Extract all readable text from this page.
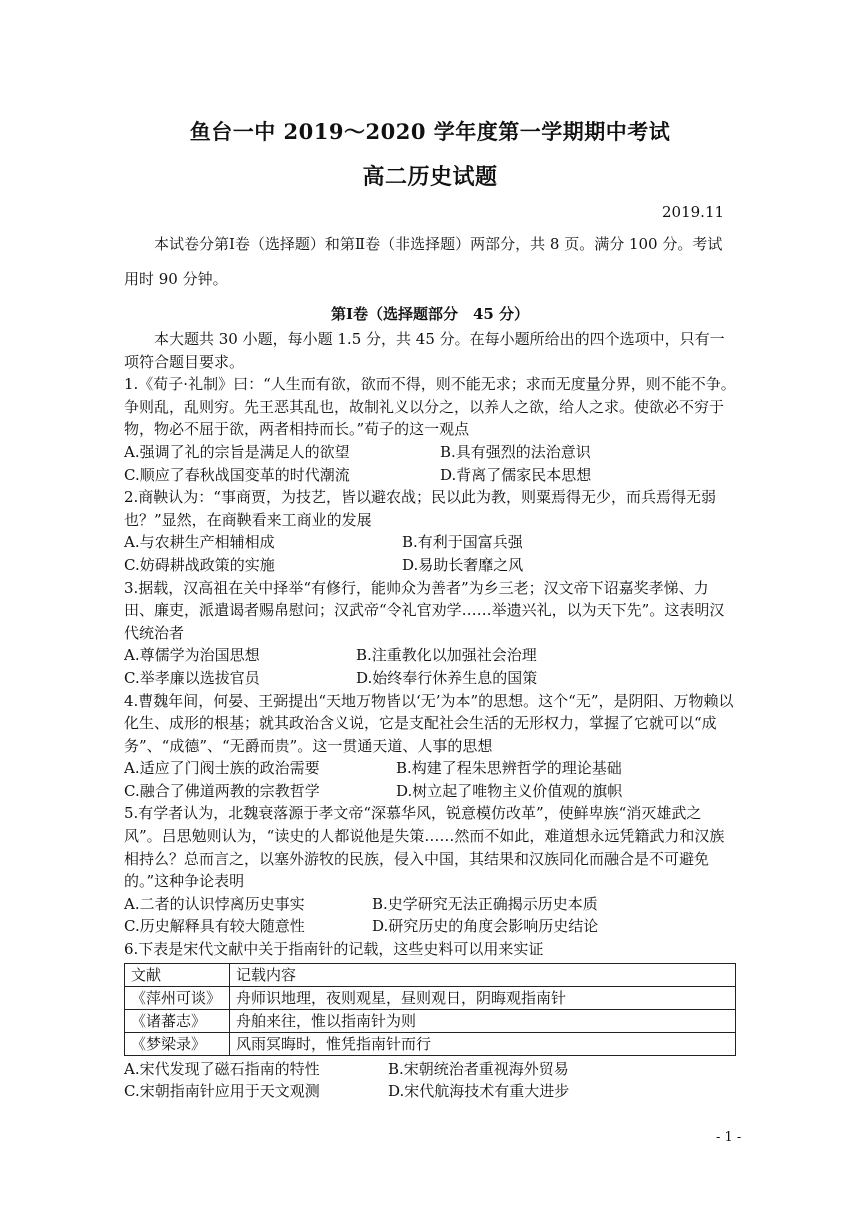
鱼台一中 2019～2020 学年度第一学期期中考试
高二历史试题
2019.11
本试卷分第Ⅰ卷（选择题）和第Ⅱ卷（非选择题）两部分，共 8 页。满分 100 分。考试
用时 90 分钟。
第Ⅰ卷（选择题部分　45 分）

本大题共 30 小题，每小题 1.5 分，共 45 分。在每小题所给出的四个选项中，只有一项符合题目要求。

1.《荀子·礼制》曰：“人生而有欲，欲而不得，则不能无求；求而无度量分界，则不能不争。争则乱，乱则穷。先王恶其乱也，故制礼义以分之，以养人之欲，给人之求。使欲必不穷于物，物必不屈于欲，两者相持而长。”荀子的这一观点

A.强调了礼的宗旨是满足人的欲望	B.具有强烈的法治意识
C.顺应了春秋战国变革的时代潮流	D.背离了儒家民本思想

2.商鞅认为：“事商贾，为技艺，皆以避农战；民以此为教，则粟焉得无少，而兵焉得无弱也？”显然，在商鞅看来工商业的发展

A.与农耕生产相辅相成	B.有利于国富兵强
C.妨碍耕战政策的实施	D.易助长奢靡之风

3.据载，汉高祖在关中择举“有修行，能帅众为善者”为乡三老；汉文帝下诏嘉奖孝悌、力田、廉吏，派遣谒者赐帛慰问；汉武帝“令礼官劝学……举遗兴礼，以为天下先”。这表明汉代统治者

A.尊儒学为治国思想	B.注重教化以加强社会治理
C.举孝廉以选拔官员	D.始终奉行休养生息的国策

4.曹魏年间，何晏、王弼提出“天地万物皆以‘无’为本”的思想。这个“无”，是阴阳、万物赖以化生、成形的根基；就其政治含义说，它是支配社会生活的无形权力，掌握了它就可以“成务”、“成德”、“无爵而贵”。这一贯通天道、人事的思想

A.适应了门阀士族的政治需要	B.构建了程朱思辨哲学的理论基础
C.融合了佛道两教的宗教哲学	D.树立起了唯物主义价值观的旗帜

5.有学者认为，北魏衰落源于孝文帝“深慕华风，锐意模仿改革”，使鲜卑族“消灭雄武之风”。吕思勉则认为，“读史的人都说他是失策……然而不如此，难道想永远凭籍武力和汉族相持么？总而言之，以塞外游牧的民族，侵入中国，其结果和汉族同化而融合是不可避免的。”这种争论表明

A.二者的认识悖离历史事实	B.史学研究无法正确揭示历史本质
C.历史解释具有较大随意性	D.研究历史的角度会影响历史结论

6.下表是宋代文献中关于指南针的记载，这些史料可以用来实证

文献	记载内容
《萍州可谈》	舟师识地理，夜则观星，昼则观日，阴晦观指南针
《诸蕃志》	舟舶来往，惟以指南针为则
《梦梁录》	风雨冥晦时，惟凭指南针而行
A.宋代发现了磁石指南的特性	B.宋朝统治者重视海外贸易
C.宋朝指南针应用于天文观测	D.宋代航海技术有重大进步
- 1 -
